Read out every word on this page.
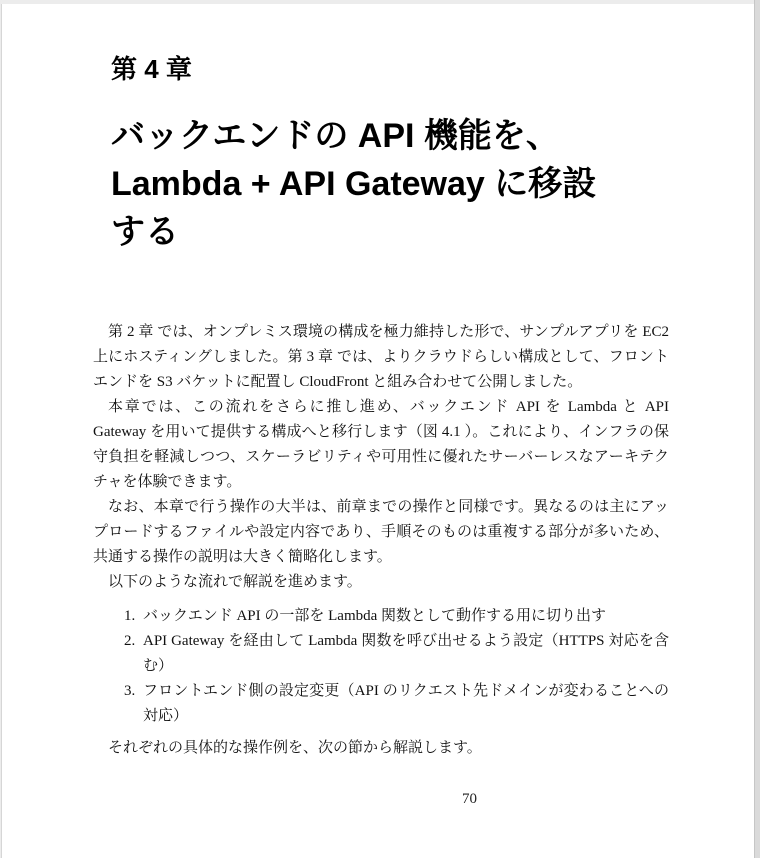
第 4 章
バックエンドの API 機能を、
Lambda + API Gateway に移設
する

第 2 章 では、オンプレミス環境の構成を極力維持した形で、サンプルアプリを EC2 上にホスティングしました。第 3 章 では、よりクラウドらしい構成として、フロントエンドを S3 バケットに配置し CloudFront と組み合わせて公開しました。

本章では、この流れをさらに推し進め、バックエンド API を Lambda と API Gateway を用いて提供する構成へと移行します（図 4.1 ）。これにより、インフラの保守負担を軽減しつつ、スケーラビリティや可用性に優れたサーバーレスなアーキテクチャを体験できます。

なお、本章で行う操作の大半は、前章までの操作と同様です。異なるのは主にアップロードするファイルや設定内容であり、手順そのものは重複する部分が多いため、共通する操作の説明は大きく簡略化します。

以下のような流れで解説を進めます。

1. バックエンド API の一部を Lambda 関数として動作する用に切り出す
2. API Gateway を経由して Lambda 関数を呼び出せるよう設定（HTTPS 対応を含む）
3. フロントエンド側の設定変更（API のリクエスト先ドメインが変わることへの対応）

それぞれの具体的な操作例を、次の節から解説します。

70
